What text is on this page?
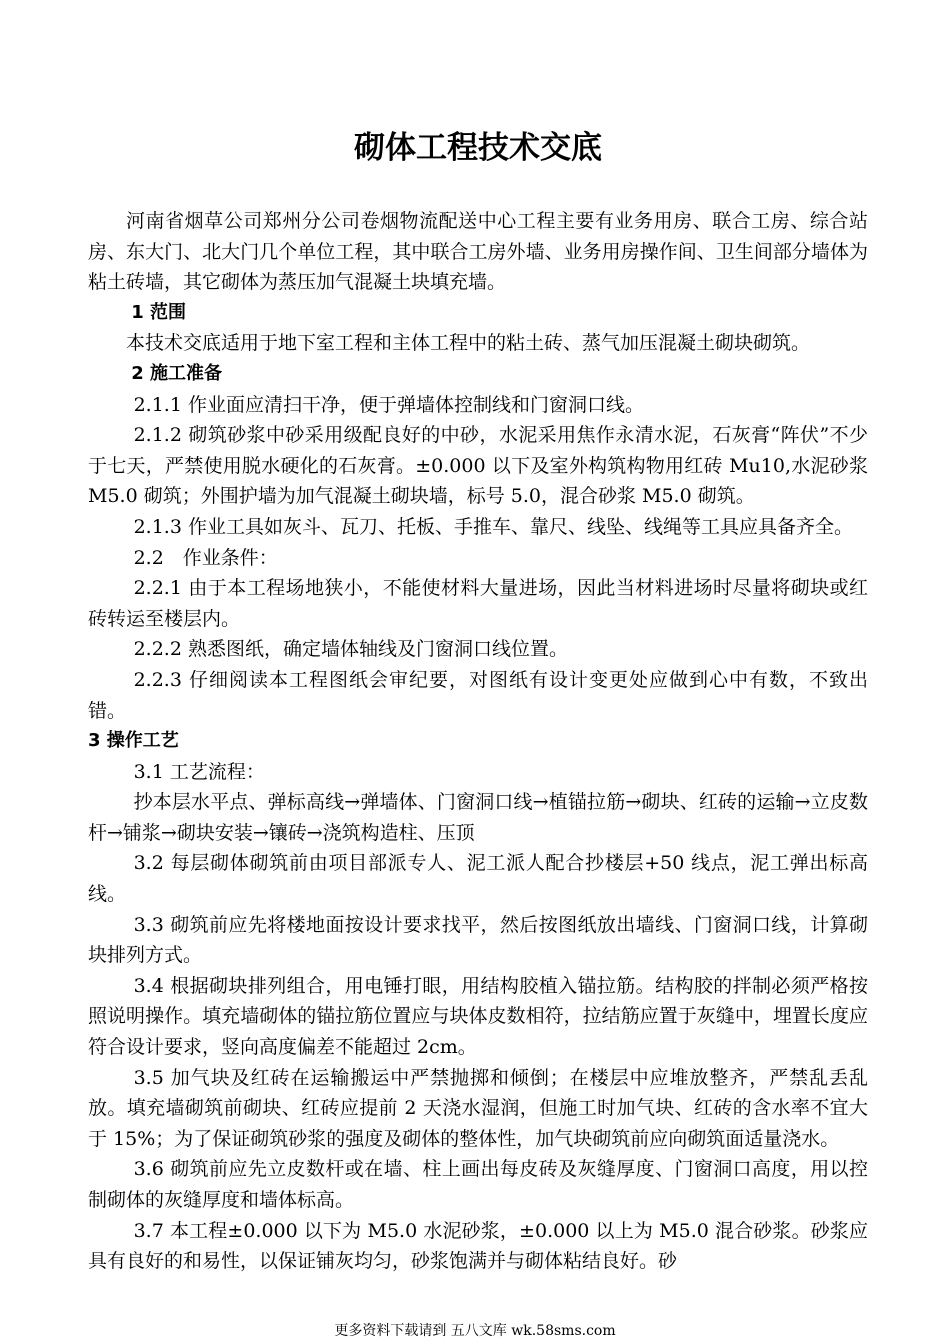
砌体工程技术交底

河南省烟草公司郑州分公司卷烟物流配送中心工程主要有业务用房、联合工房、综合站房、东大门、北大门几个单位工程，其中联合工房外墙、业务用房操作间、卫生间部分墙体为粘土砖墙，其它砌体为蒸压加气混凝土块填充墙。

1 范围

本技术交底适用于地下室工程和主体工程中的粘土砖、蒸气加压混凝土砌块砌筑。

2 施工准备

2.1.1 作业面应清扫干净，便于弹墙体控制线和门窗洞口线。

2.1.2 砌筑砂浆中砂采用级配良好的中砂，水泥采用焦作永清水泥，石灰膏“阵伏”不少于七天，严禁使用脱水硬化的石灰膏。±0.000 以下及室外构筑构物用红砖 Mu10,水泥砂浆 M5.0 砌筑；外围护墙为加气混凝土砌块墙，标号 5.0，混合砂浆 M5.0 砌筑。

2.1.3 作业工具如灰斗、瓦刀、托板、手推车、靠尺、线坠、线绳等工具应具备齐全。

2.2　作业条件：

2.2.1 由于本工程场地狭小，不能使材料大量进场，因此当材料进场时尽量将砌块或红砖转运至楼层内。

2.2.2 熟悉图纸，确定墙体轴线及门窗洞口线位置。

2.2.3 仔细阅读本工程图纸会审纪要，对图纸有设计变更处应做到心中有数，不致出错。

3 操作工艺

3.1 工艺流程：

抄本层水平点、弹标高线→弹墙体、门窗洞口线→植锚拉筋→砌块、红砖的运输→立皮数杆→铺浆→砌块安装→镶砖→浇筑构造柱、压顶

3.2 每层砌体砌筑前由项目部派专人、泥工派人配合抄楼层+50 线点，泥工弹出标高线。

3.3 砌筑前应先将楼地面按设计要求找平，然后按图纸放出墙线、门窗洞口线，计算砌块排列方式。

3.4 根据砌块排列组合，用电锤打眼，用结构胶植入锚拉筋。结构胶的拌制必须严格按照说明操作。填充墙砌体的锚拉筋位置应与块体皮数相符，拉结筋应置于灰缝中，埋置长度应符合设计要求，竖向高度偏差不能超过 2cm。

3.5 加气块及红砖在运输搬运中严禁抛掷和倾倒；在楼层中应堆放整齐，严禁乱丢乱放。填充墙砌筑前砌块、红砖应提前 2 天浇水湿润，但施工时加气块、红砖的含水率不宜大于 15%；为了保证砌筑砂浆的强度及砌体的整体性，加气块砌筑前应向砌筑面适量浇水。

3.6 砌筑前应先立皮数杆或在墙、柱上画出每皮砖及灰缝厚度、门窗洞口高度，用以控制砌体的灰缝厚度和墙体标高。

3.7 本工程±0.000 以下为 M5.0 水泥砂浆，±0.000 以上为 M5.0 混合砂浆。砂浆应具有良好的和易性，以保证铺灰均匀，砂浆饱满并与砌体粘结良好。砂

更多资料下载请到 五八文库 wk.58sms.com
